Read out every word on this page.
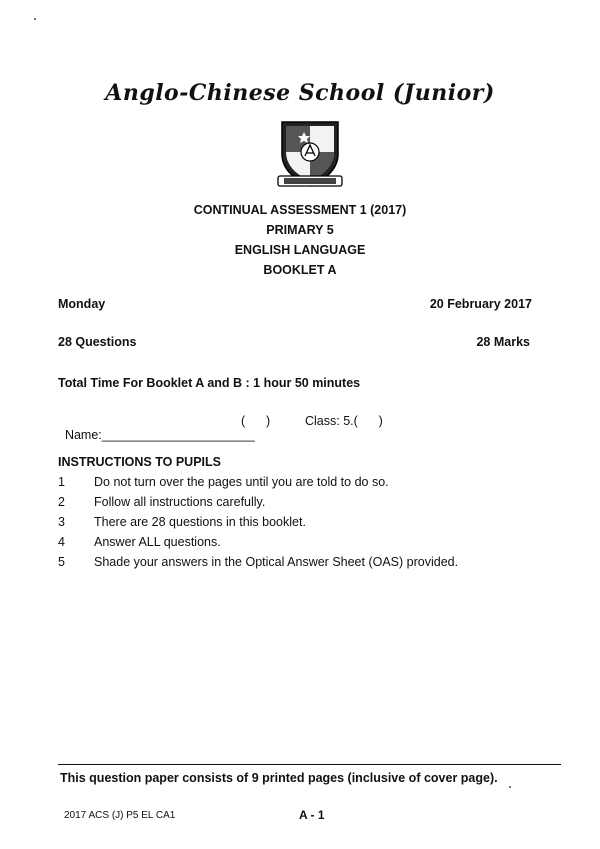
Anglo-Chinese School (Junior)
CONTINUAL ASSESSMENT 1 (2017)
PRIMARY 5
ENGLISH LANGUAGE
BOOKLET A
Monday	20 February 2017
28 Questions	28 Marks
Total Time For Booklet A and B : 1 hour 50 minutes

Name:______________________

(      )	Class: 5.(      )
INSTRUCTIONS TO PUPILS
1 Do not turn over the pages until you are told to do so.
2 Follow all instructions carefully.
3 There are 28 questions in this booklet.
4 Answer ALL questions.
5 Shade your answers in the Optical Answer Sheet (OAS) provided.
This question paper consists of 9 printed pages (inclusive of cover page).
2017 ACS (J) P5 EL CA1	A - 1
